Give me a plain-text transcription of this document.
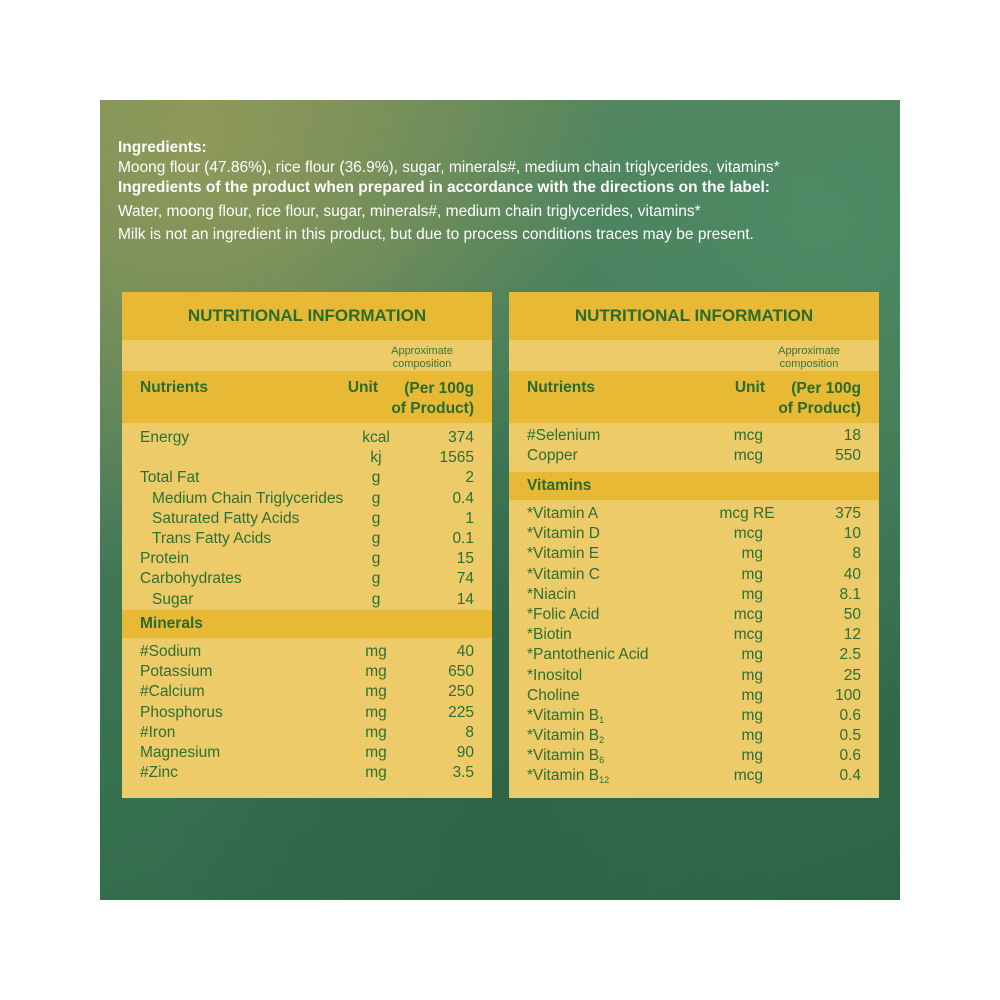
Ingredients:
Moong flour (47.86%), rice flour (36.9%), sugar, minerals#, medium chain triglycerides, vitamins*
Ingredients of the product when prepared in accordance with the directions on the label:
Water, moong flour, rice flour, sugar, minerals#, medium chain triglycerides, vitamins*
Milk is not an ingredient in this product, but due to process conditions traces may be present.
NUTRITIONAL INFORMATION
Approximate
composition
Nutrients	Unit	(Per 100g
of Product)
Energy	kcal	374
kj	1565
Total Fat	g	2
Medium Chain Triglycerides	g	0.4
Saturated Fatty Acids	g	1
Trans Fatty Acids	g	0.1
Protein	g	15
Carbohydrates	g	74
Sugar	g	14
Minerals
#Sodium	mg	40
Potassium	mg	650
#Calcium	mg	250
Phosphorus	mg	225
#Iron	mg	8
Magnesium	mg	90
#Zinc	mg	3.5
NUTRITIONAL INFORMATION
Approximate
composition
Nutrients	Unit	(Per 100g
of Product)
#Selenium	mcg	18
Copper	mcg	550
Vitamins
*Vitamin A	mcg RE	375
*Vitamin D	mcg	10
*Vitamin E	mg	8
*Vitamin C	mg	40
*Niacin	mg	8.1
*Folic Acid	mcg	50
*Biotin	mcg	12
*Pantothenic Acid	mg	2.5
*Inositol	mg	25
Choline	mg	100
*Vitamin $B_1$	mg	0.6
*Vitamin $B_2$	mg	0.5
*Vitamin $B_6$	mg	0.6
*Vitamin $B_{12}$	mcg	0.4
